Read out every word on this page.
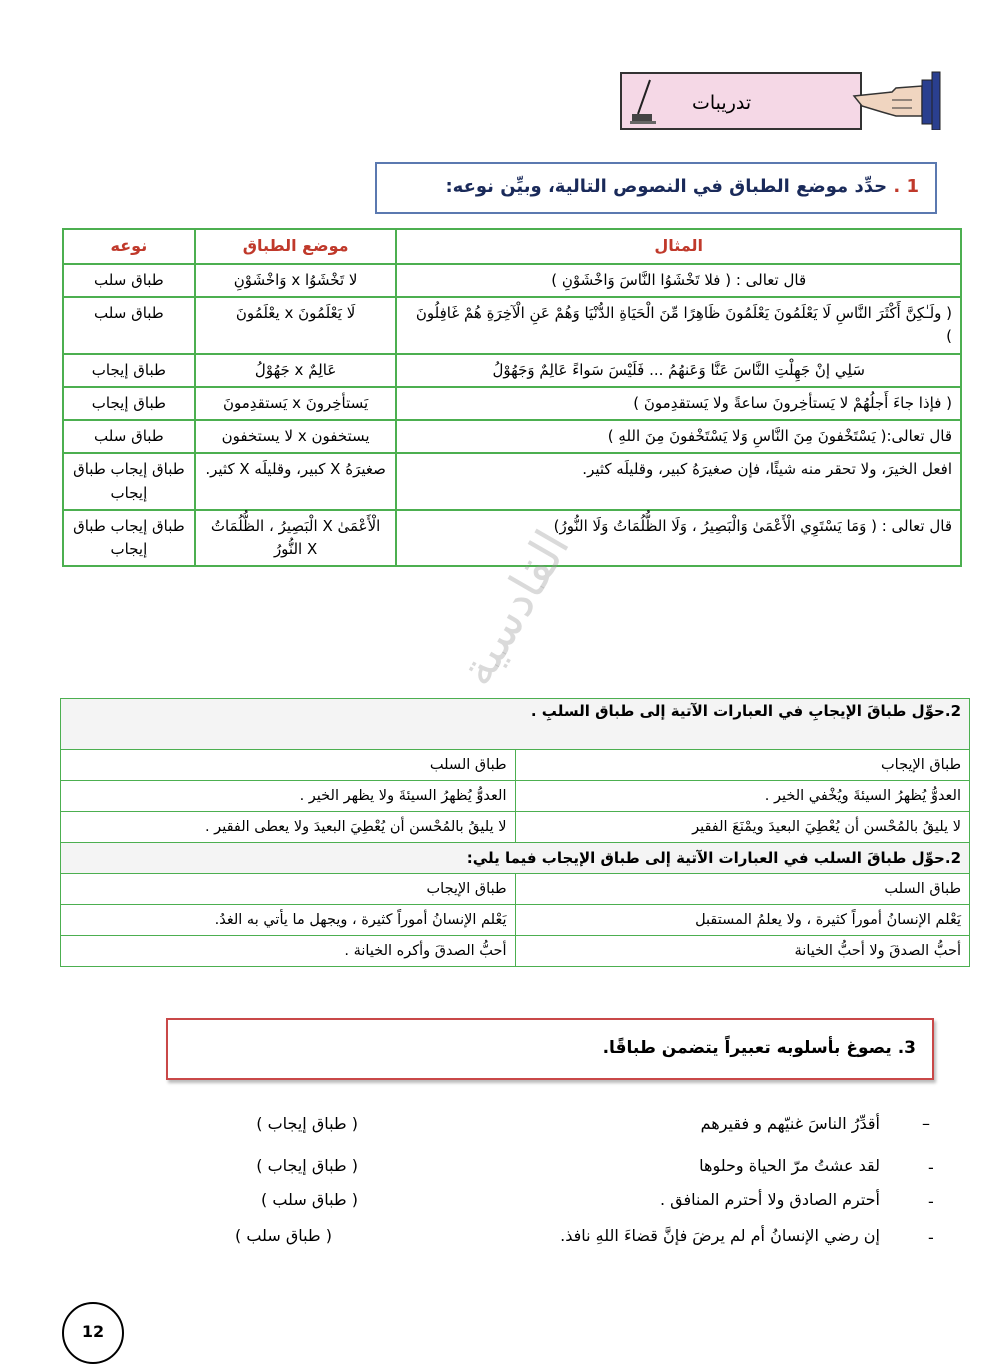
تدريبات
1 . حدِّد موضع الطباق في النصوص التالية، وبيِّن نوعه:
المثال	موضع الطباق	نوعه
قال تعالى : ( فلا تَخْشَوُا النَّاسَ وَاخْشَوْنِ )	لا تَخْشَوُا x وَاخْشَوْنِ	طباق سلب
( ولَـٰكِنَّ أَكْثَرَ النَّاسِ لَا يَعْلَمُونَ يَعْلَمُونَ ظَاهِرًا مِّنَ الْحَيَاةِ الدُّنْيَا وَهُمْ عَنِ الْآخِرَةِ هُمْ غَافِلُونَ )	لَا يَعْلَمُونَ x يعْلَمُونَ	طباق سلب
سَلِي إنْ جَهِلْتِ النَّاسَ عَنَّا وَعَنهُمُ ... فَلَيْسَ سَواءً عَالِمٌ وَجَهُوْلُ	عَالِمٌ x جَهُوْلُ	طباق إيجاب
( فإذا جاءَ أَجلُهُمْ لا يَستأخِرونَ ساعةً ولا يَستقدِمونَ )	يَستأخِرونَ x يَستقدِمونَ	طباق إيجاب
قال تعالى:( يَسْتَخْفونَ مِنَ النَّاسِ وَلا يَسْتَخْفونَ مِنَ اللهِ )	يستخفون x لا يستخفون	طباق سلب
افعل الخيرَ، ولا تحقر منه شيئًا، فإن صغيرَهُ كبير، وقليلَه كثير.	صغيرَهُ X كبير، وقليلَه X كثير.	طباق إيجاب طباق إيجاب
قال تعالى : ( وَمَا يَسْتَوِي الْأَعْمَىٰ وَالْبَصِيرُ ، وَلَا الظُّلُمَاتُ وَلَا النُّورُ)	الْأَعْمَىٰ X الْبَصِيرُ ، الظُّلُمَاتُ X النُّورُ	طباق إيجاب طباق إيجاب	القادسية
2.حوِّل طباقَ الإيجابِ في العبارات الآتية إلى طباق السلبِ .	
طباق الإيجاب	طباق السلب
العدوُّ يُظهرُ السيئةَ ويُخْفي الخير .	العدوُّ يُظهرُ السيئةَ ولا يظهر الخير .
لا يليقُ بالمُحْسن أن يُعْطِيَ البعيدَ ويمْنَعَ الفقير	لا يليقُ بالمُحْسن أن يُعْطِيَ البعيدَ ولا يعطى الفقير .
2.حوِّل طباقَ السلب في العبارات الآتية إلى طباق الإيجاب فيما يلي:	
طباق السلب	طباق الإيجاب
يَعْلم الإنسانُ أموراً كثيرة ، ولا يعلمُ المستقبل	يَعْلم الإنسانُ أموراً كثيرة ، ويجهل ما يأتي به الغدُ.
أحبُّ الصدقَ ولا أحبُّ الخيانة	أحبُّ الصدقَ وأكره الخيانة .
3. يصوغ بأسلوبه تعبيراً يتضمن طباقًا.
–
أقدِّرُ الناسَ غنيّهم و فقيرهم
( طباق إيجاب )
-
لقد عشتُ مرّ الحياة وحلوها
( طباق إيجاب )
-
أحترم الصادق ولا أحترم المنافق .
( طباق سلب )
-
إن رضي الإنسانُ أم لم يرضَ فإنَّ قضاءَ اللهِ نافذ.
( طباق سلب )
12
